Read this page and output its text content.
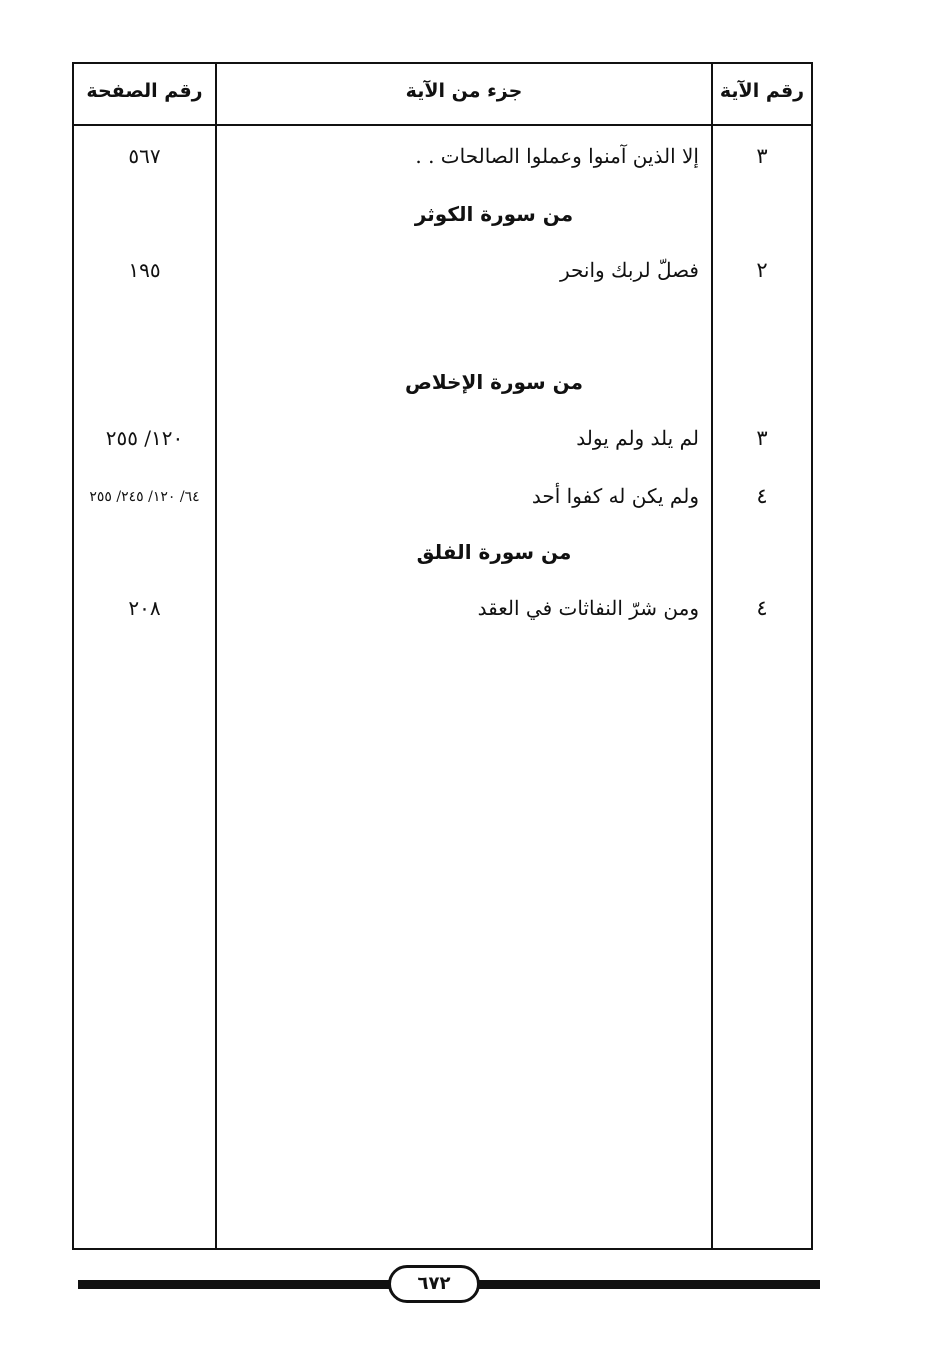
رقم الصفحة	جزء من الآية	رقم الآية
٣
إلا الذين آمنوا وعملوا الصالحات . .
٥٦٧
من سورة الكوثر
٢
فصلّ لربك وانحر
١٩٥
من سورة الإخلاص
٣
لم يلد ولم يولد
١٢٠/ ٢٥٥
٤
ولم يكن له كفوا أحد
٦٤/ ١٢٠/ ٢٤٥/ ٢٥٥
من سورة الفلق
٤
ومن شرّ النفاثات في العقد
٢٠٨
٦٧٢
